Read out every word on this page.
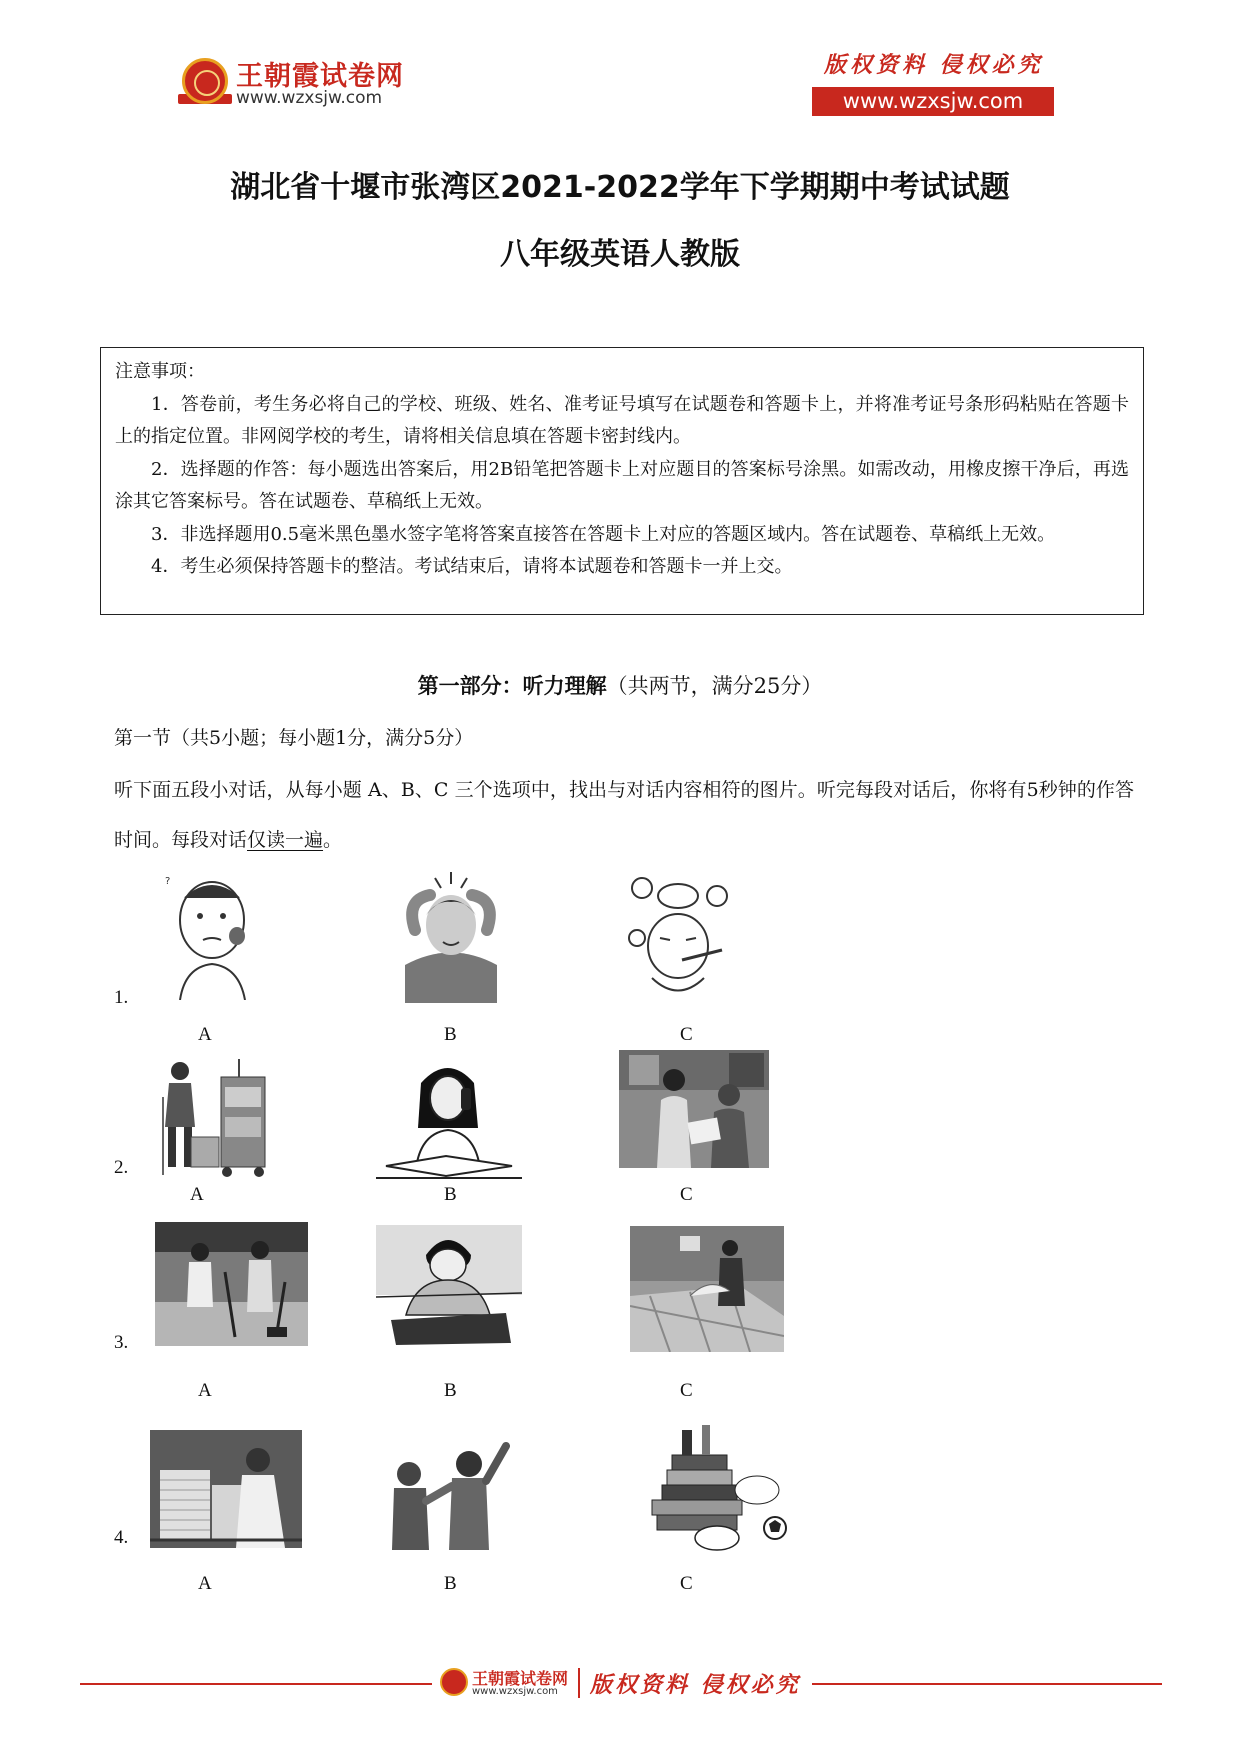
王朝霞试卷网
www.wzxsjw.com
版权资料 侵权必究
www.wzxsjw.com
湖北省十堰市张湾区2021-2022学年下学期期中考试试题
八年级英语人教版
注意事项：

1．答卷前，考生务必将自己的学校、班级、姓名、准考证号填写在试题卷和答题卡上，并将准考证号条形码粘贴在答题卡上的指定位置。非网阅学校的考生，请将相关信息填在答题卡密封线内。

2．选择题的作答：每小题选出答案后，用2B铅笔把答题卡上对应题目的答案标号涂黑。如需改动，用橡皮擦干净后，再选涂其它答案标号。答在试题卷、草稿纸上无效。

3．非选择题用0.5毫米黑色墨水签字笔将答案直接答在答题卡上对应的答题区域内。答在试题卷、草稿纸上无效。

4．考生必须保持答题卡的整洁。考试结束后，请将本试题卷和答题卡一并上交。

第一部分：听力理解（共两节，满分25分）
第一节（共5小题；每小题1分，满分5分）
听下面五段小对话，从每小题 A、B、C 三个选项中，找出与对话内容相符的图片。听完每段对话后，你将有5秒钟的作答时间。每段对话仅读一遍。
1.
?
A	B	C
2.
A	B	C
3.
A	B	C
4.
A	B	C
王朝霞试卷网
www.wzxsjw.com 版权资料 侵权必究
